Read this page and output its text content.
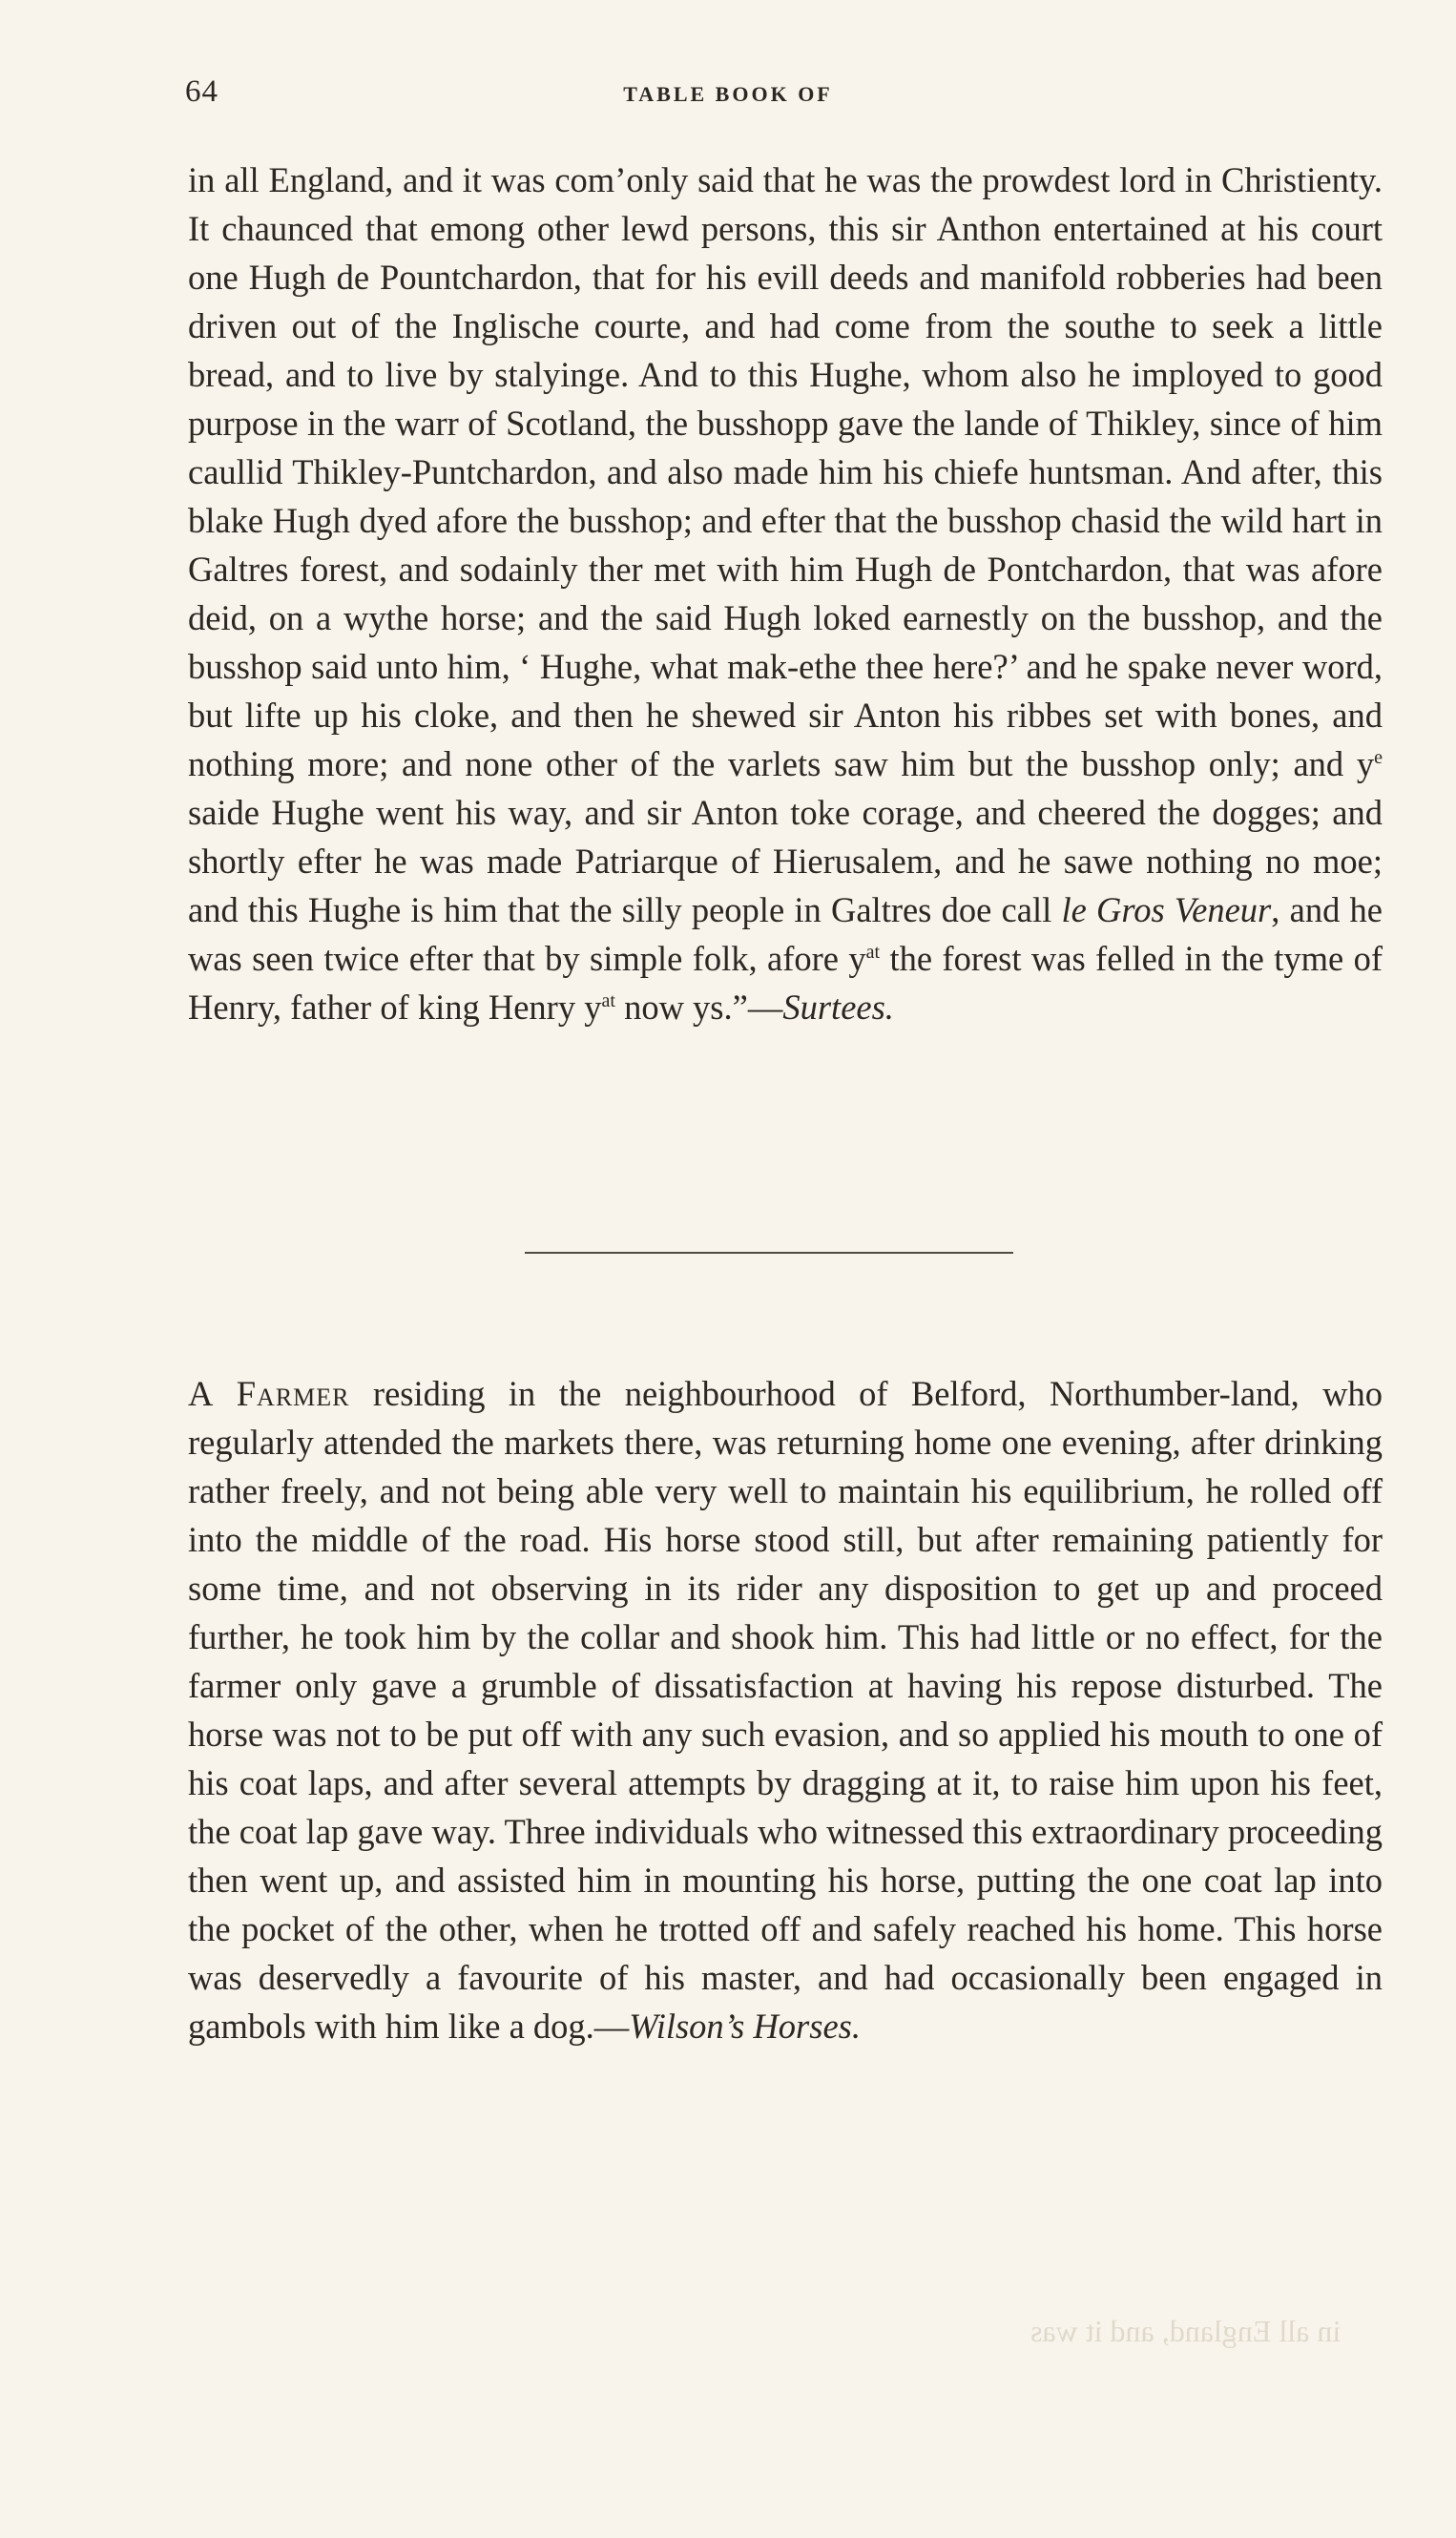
64	TABLE BOOK OF

in all England, and it was com’only said that he was the prowdest lord in Christienty. It chaunced that emong other lewd persons, this sir Anthon entertained at his court one Hugh de Pountchardon, that for his evill deeds and manifold robberies had been driven out of the Inglische courte, and had come from the southe to seek a little bread, and to live by stalyinge. And to this Hughe, whom also he imployed to good purpose in the warr of Scotland, the busshopp gave the lande of Thikley, since of him caullid Thikley-Puntchardon, and also made him his chiefe huntsman. And after, this blake Hugh dyed afore the busshop; and efter that the busshop chasid the wild hart in Galtres forest, and sodainly ther met with him Hugh de Pontchardon, that was afore deid, on a wythe horse; and the said Hugh loked earnestly on the busshop, and the busshop said unto him, ‘ Hughe, what mak-ethe thee here?’ and he spake never word, but lifte up his cloke, and then he shewed sir Anton his ribbes set with bones, and nothing more; and none other of the varlets saw him but the busshop only; and $y^e$ saide Hughe went his way, and sir Anton toke corage, and cheered the dogges; and shortly efter he was made Patriarque of Hierusalem, and he sawe nothing no moe; and this Hughe is him that the silly people in Galtres doe call le Gros Veneur, and he was seen twice efter that by simple folk, afore $y^{at}$ the forest was felled in the tyme of Henry, father of king Henry $y^{at}$ now ys.”—Surtees.

A Farmer residing in the neighbourhood of Belford, Northumber-land, who regularly attended the markets there, was returning home one evening, after drinking rather freely, and not being able very well to maintain his equilibrium, he rolled off into the middle of the road. His horse stood still, but after remaining patiently for some time, and not observing in its rider any disposition to get up and proceed further, he took him by the collar and shook him. This had little or no effect, for the farmer only gave a grumble of dissatisfaction at having his repose disturbed. The horse was not to be put off with any such evasion, and so applied his mouth to one of his coat laps, and after several attempts by dragging at it, to raise him upon his feet, the coat lap gave way. Three individuals who witnessed this extraordinary proceeding then went up, and assisted him in mounting his horse, putting the one coat lap into the pocket of the other, when he trotted off and safely reached his home. This horse was deservedly a favourite of his master, and had occasionally been engaged in gambols with him like a dog.—Wilson’s Horses.

in all England, and it was
